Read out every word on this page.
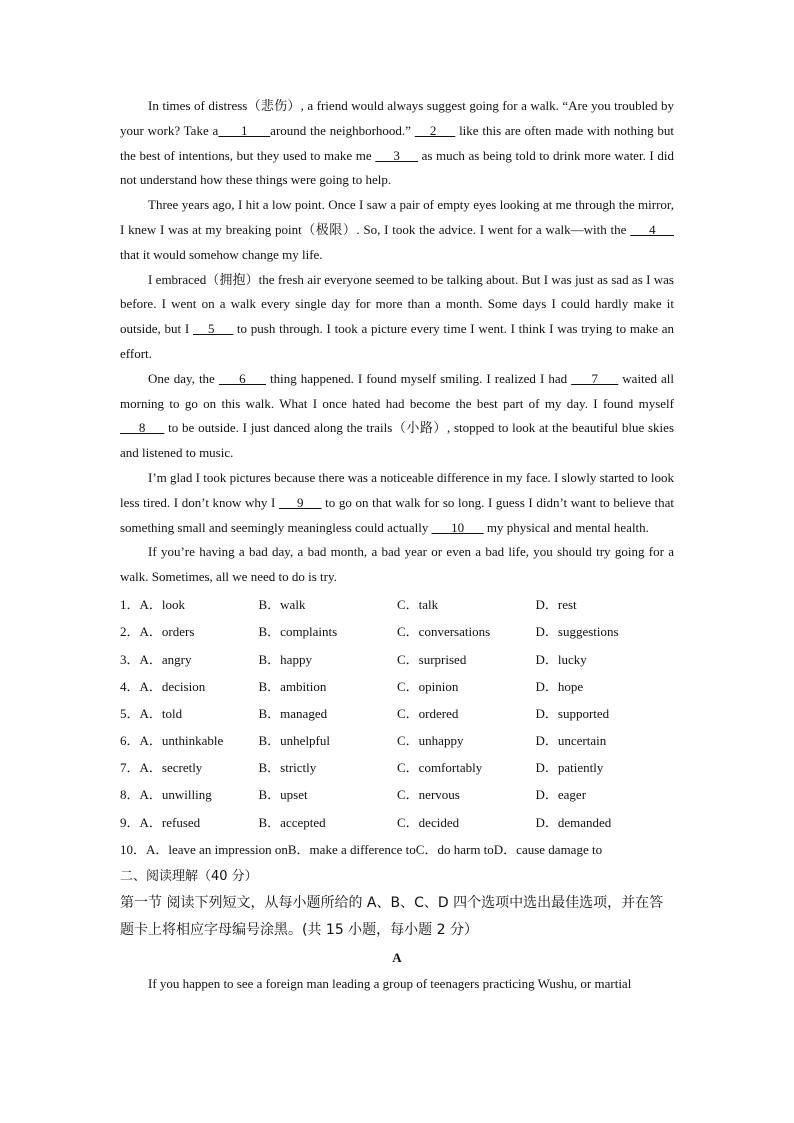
In times of distress（悲伤）, a friend would always suggest going for a walk. “Are you troubled by your work? Take a      1      around the neighborhood.”     2      like this are often made with nothing but the best of intentions, but they used to make me      3      as much as being told to drink more water. I did not understand how these things were going to help.

Three years ago, I hit a low point. Once I saw a pair of empty eyes looking at me through the mirror, I knew I was at my breaking point（极限）. So, I took the advice. I went for a walk—with the      4      that it would somehow change my life.

I embraced（拥抱）the fresh air everyone seemed to be talking about. But I was just as sad as I was before. I went on a walk every single day for more than a month. Some days I could hardly make it outside, but I     5      to push through. I took a picture every time I went. I think I was trying to make an effort.

One day, the      6      thing happened. I found myself smiling. I realized I had      7      waited all morning to go on this walk. What I once hated had become the best part of my day. I found myself      8      to be outside. I just danced along the trails（小路）, stopped to look at the beautiful blue skies and listened to music.

I’m glad I took pictures because there was a noticeable difference in my face. I slowly started to look less tired. I don’t know why I      9      to go on that walk for so long. I guess I didn’t want to believe that something small and seemingly meaningless could actually       10       my physical and mental health.

If you’re having a bad day, a bad month, a bad year or even a bad life, you should try going for a walk. Sometimes, all we need to do is try.

1．A．look	B．walk	C．talk	D．rest
2．A．orders	B．complaints	C．conversations	D．suggestions
3．A．angry	B．happy	C．surprised	D．lucky
4．A．decision	B．ambition	C．opinion	D．hope
5．A．told	B．managed	C．ordered	D．supported
6．A．unthinkable	B．unhelpful	C．unhappy	D．uncertain
7．A．secretly	B．strictly	C．comfortably	D．patiently
8．A．unwilling	B．upset	C．nervous	D．eager
9．A．refused	B．accepted	C．decided	D．demanded
10．A．leave an impression on B．make a difference to C．do harm to D．cause damage to

二、阅读理解（40 分）

第一节 阅读下列短文，从每小题所给的 A、B、C、D 四个选项中选出最佳选项，并在答题卡上将相应字母编号涂黑。(共 15 小题，每小题 2 分）

A

If you happen to see a foreign man leading a group of teenagers practicing Wushu, or martial
